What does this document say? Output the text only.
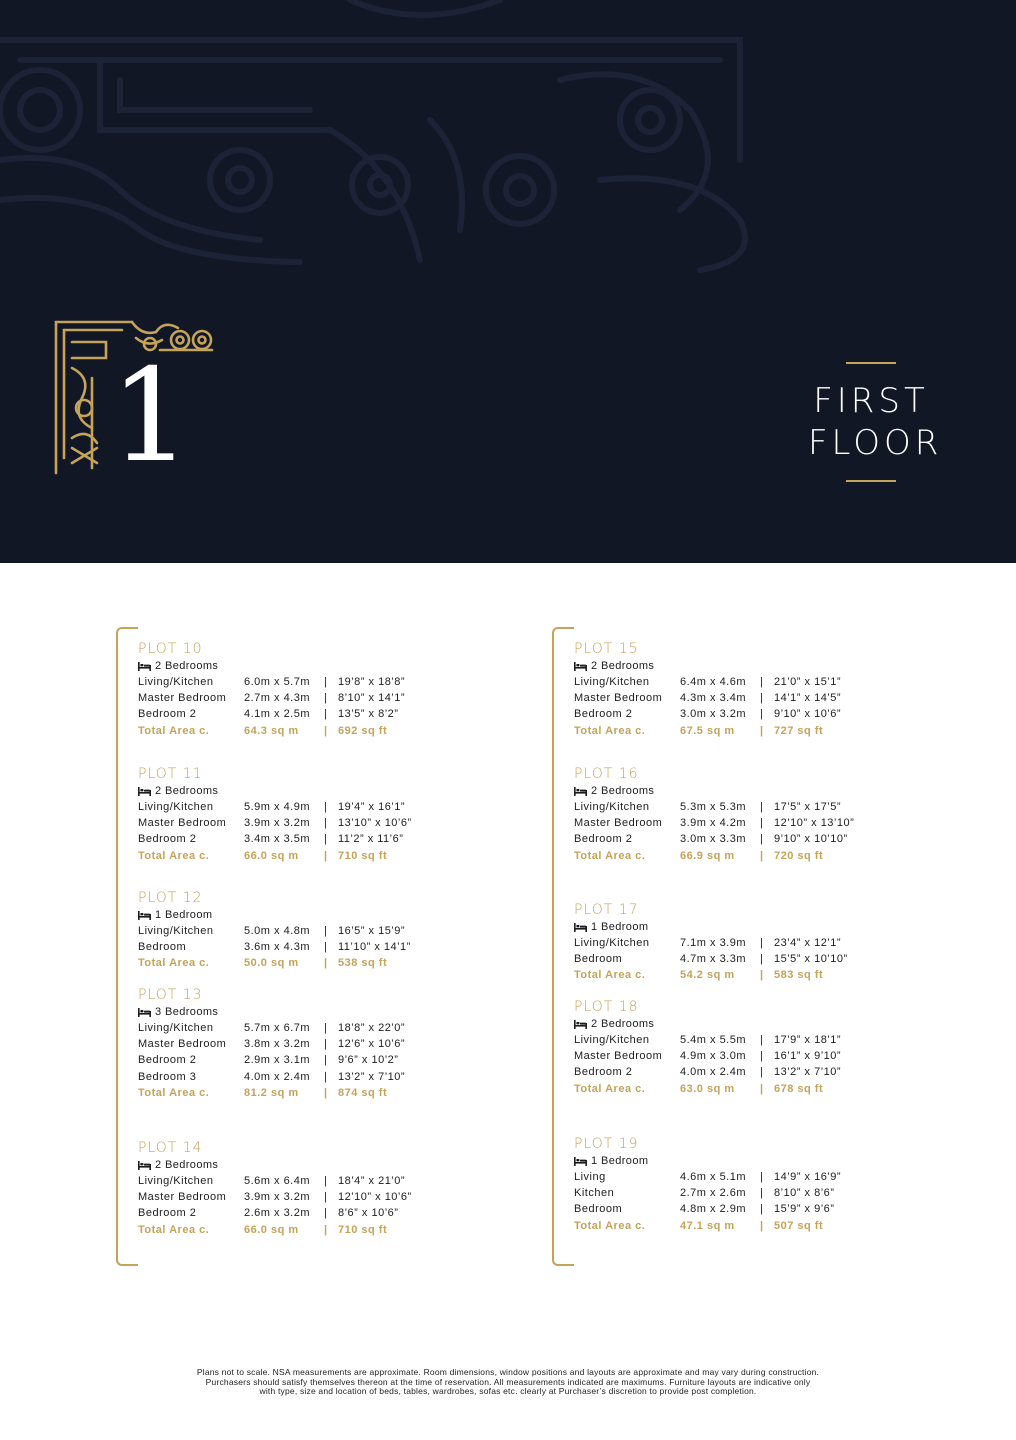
1	FIRST
FLOOR
PLOT 10
2 Bedrooms
Living/Kitchen	6.0m x 5.7m	| 19’8” x 18’8”
Master Bedroom	2.7m x 4.3m	| 8’10” x 14’1”
Bedroom 2	4.1m x 2.5m	| 13’5” x 8’2”
Total Area c.	64.3 sq m	| 692 sq ft
PLOT 11
2 Bedrooms
Living/Kitchen	5.9m x 4.9m	| 19’4” x 16’1”
Master Bedroom	3.9m x 3.2m	| 13’10” x 10’6”
Bedroom 2	3.4m x 3.5m	| 11’2” x 11’6”
Total Area c.	66.0 sq m	| 710 sq ft
PLOT 12
1 Bedroom
Living/Kitchen	5.0m x 4.8m	| 16’5” x 15’9”
Bedroom	3.6m x 4.3m	| 11’10” x 14’1”
Total Area c.	50.0 sq m	| 538 sq ft
PLOT 13
3 Bedrooms
Living/Kitchen	5.7m x 6.7m	| 18’8” x 22’0”
Master Bedroom	3.8m x 3.2m	| 12’6” x 10’6”
Bedroom 2	2.9m x 3.1m	| 9’6” x 10’2”
Bedroom 3	4.0m x 2.4m	| 13’2” x 7’10”
Total Area c.	81.2 sq m	| 874 sq ft
PLOT 14
2 Bedrooms
Living/Kitchen	5.6m x 6.4m	| 18’4” x 21’0”
Master Bedroom	3.9m x 3.2m	| 12’10” x 10’6”
Bedroom 2	2.6m x 3.2m	| 8’6” x 10’6”
Total Area c.	66.0 sq m	| 710 sq ft
PLOT 15
2 Bedrooms
Living/Kitchen	6.4m x 4.6m	| 21’0” x 15’1”
Master Bedroom	4.3m x 3.4m	| 14’1” x 14’5”
Bedroom 2	3.0m x 3.2m	| 9’10” x 10’6”
Total Area c.	67.5 sq m	| 727 sq ft
PLOT 16
2 Bedrooms
Living/Kitchen	5.3m x 5.3m	| 17’5” x 17’5”
Master Bedroom	3.9m x 4.2m	| 12’10” x 13’10”
Bedroom 2	3.0m x 3.3m	| 9’10” x 10’10”
Total Area c.	66.9 sq m	| 720 sq ft
PLOT 17
1 Bedroom
Living/Kitchen	7.1m x 3.9m	| 23’4” x 12’1”
Bedroom	4.7m x 3.3m	| 15’5” x 10’10”
Total Area c.	54.2 sq m	| 583 sq ft
PLOT 18
2 Bedrooms
Living/Kitchen	5.4m x 5.5m	| 17’9” x 18’1”
Master Bedroom	4.9m x 3.0m	| 16’1” x 9’10”
Bedroom 2	4.0m x 2.4m	| 13’2” x 7’10”
Total Area c.	63.0 sq m	| 678 sq ft
PLOT 19
1 Bedroom
Living	4.6m x 5.1m	| 14’9” x 16’9”
Kitchen	2.7m x 2.6m	| 8’10” x 8’6”
Bedroom	4.8m x 2.9m	| 15’9” x 9’6”
Total Area c.	47.1 sq m	| 507 sq ft
Plans not to scale. NSA measurements are approximate. Room dimensions, window positions and layouts are approximate and may vary during construction.
Purchasers should satisfy themselves thereon at the time of reservation. All measurements indicated are maximums. Furniture layouts are indicative only
with type, size and location of beds, tables, wardrobes, sofas etc. clearly at Purchaser’s discretion to provide post completion.
